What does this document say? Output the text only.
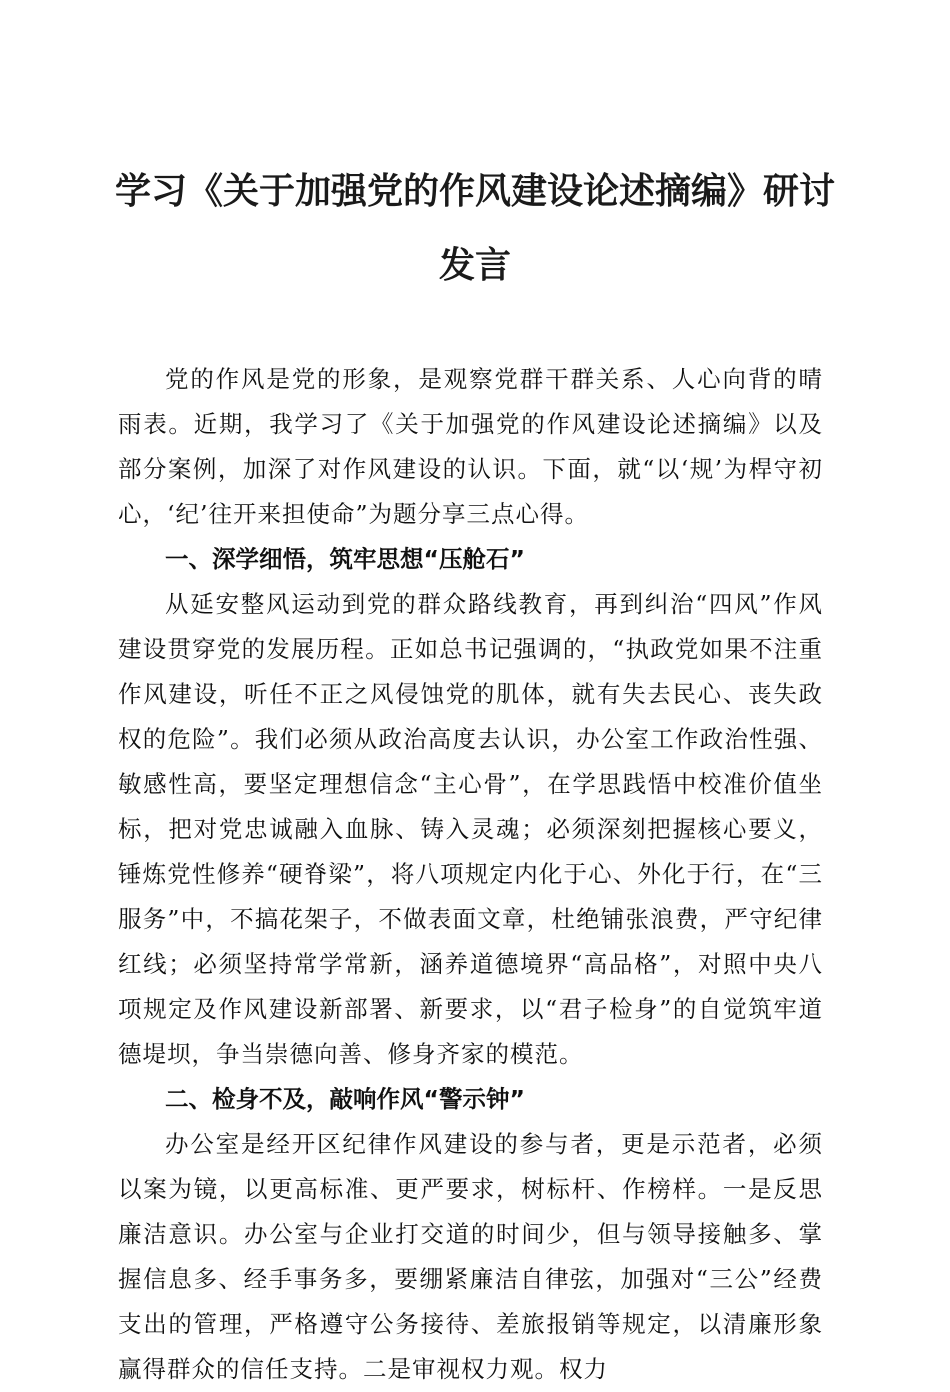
学习《关于加强党的作风建设论述摘编》研讨
发言

党的作风是党的形象，是观察党群干群关系、人心向背的晴雨表。近期，我学习了《关于加强党的作风建设论述摘编》以及部分案例，加深了对作风建设的认识。下面，就“以‘规’为桿守初心，‘纪’往开来担使命”为题分享三点心得。

一、深学细悟，筑牢思想“压舱石”

从延安整风运动到党的群众路线教育，再到纠治“四风”作风建设贯穿党的发展历程。正如总书记强调的，“执政党如果不注重作风建设，听任不正之风侵蚀党的肌体，就有失去民心、丧失政权的危险”。我们必须从政治高度去认识，办公室工作政治性强、敏感性高，要坚定理想信念“主心骨”，在学思践悟中校准价值坐标，把对党忠诚融入血脉、铸入灵魂；必须深刻把握核心要义，锤炼党性修养“硬脊梁”，将八项规定内化于心、外化于行，在“三服务”中，不搞花架子，不做表面文章，杜绝铺张浪费，严守纪律红线；必须坚持常学常新，涵养道德境界“高品格”，对照中央八项规定及作风建设新部署、新要求，以“君子检身”的自觉筑牢道德堤坝，争当崇德向善、修身齐家的模范。

二、检身不及，敲响作风“警示钟”

办公室是经开区纪律作风建设的参与者，更是示范者，必须以案为镜，以更高标准、更严要求，树标杆、作榜样。一是反思廉洁意识。办公室与企业打交道的时间少，但与领导接触多、掌握信息多、经手事务多，要绷紧廉洁自律弦，加强对“三公”经费支出的管理，严格遵守公务接待、差旅报销等规定，以清廉形象赢得群众的信任支持。二是审视权力观。权力
